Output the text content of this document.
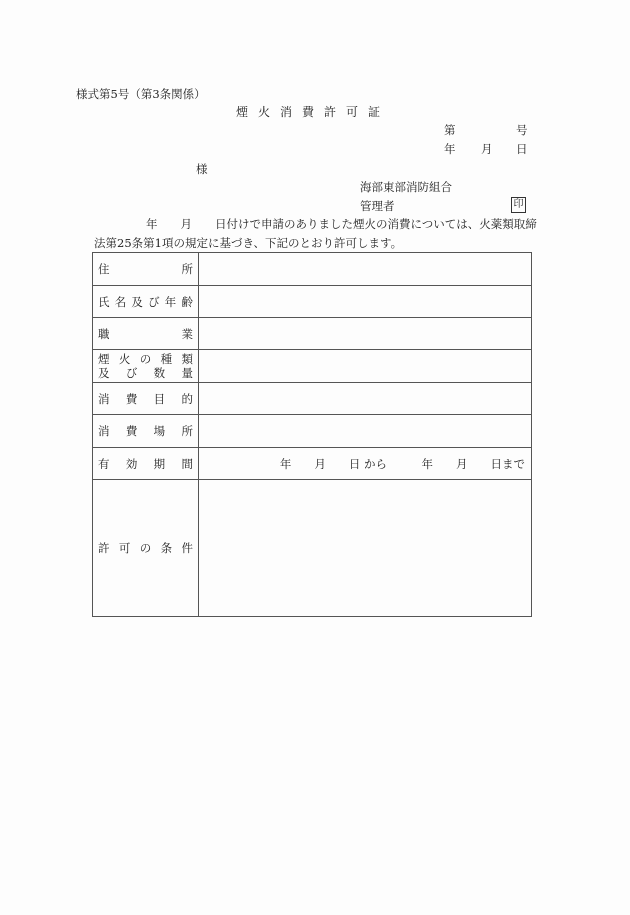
様式第5号（第3条関係）
煙火消費許可証
第	号
年 月 日
様
海部東部消防組合
管理者	印
年　　月　　日付けで申請のありました煙火の消費については、火薬類取締
法第25条第1項の規定に基づき、下記のとおり許可します。
住 所	

氏 名 及 び 年 齢

職 業	

煙 火 の 種 類
及 び 数 量

消 費 目 的	

消 費 場 所	

有 効 期 間	年　　月　　日 から　　　年　　月　　日まで

許 可 の 条 件	
